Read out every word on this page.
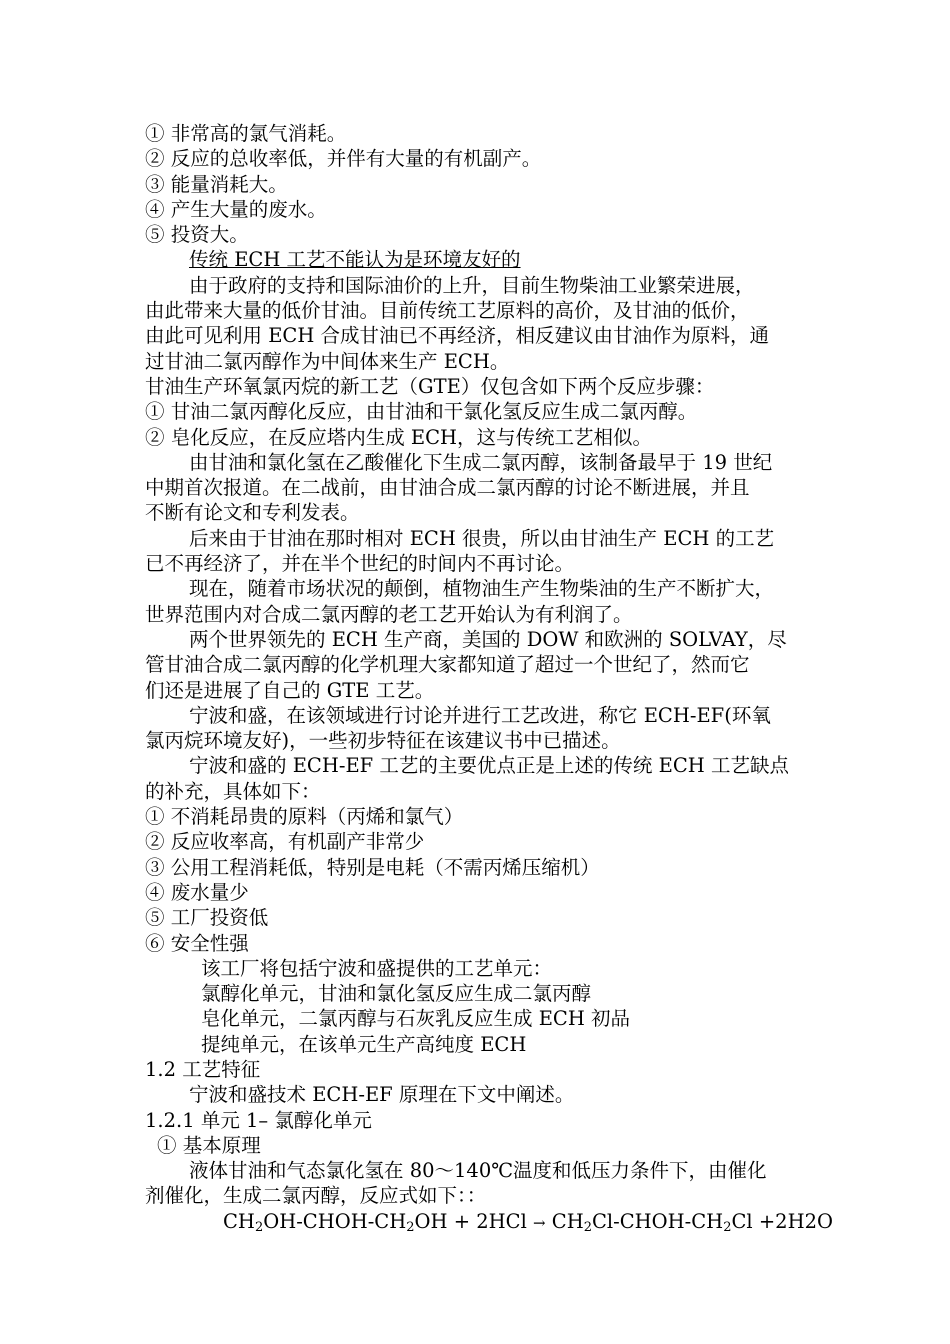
① 非常高的氯气消耗。
② 反应的总收率低，并伴有大量的有机副产。
③ 能量消耗大。
④ 产生大量的废水。
⑤ 投资大。
传统 ECH 工艺不能认为是环境友好的
由于政府的支持和国际油价的上升，目前生物柴油工业繁荣进展，
由此带来大量的低价甘油。目前传统工艺原料的高价，及甘油的低价，
由此可见利用 ECH 合成甘油已不再经济，相反建议由甘油作为原料，通
过甘油二氯丙醇作为中间体来生产 ECH。
甘油生产环氧氯丙烷的新工艺（GTE）仅包含如下两个反应步骤：
① 甘油二氯丙醇化反应，由甘油和干氯化氢反应生成二氯丙醇。
② 皂化反应，在反应塔内生成 ECH，这与传统工艺相似。
由甘油和氯化氢在乙酸催化下生成二氯丙醇，该制备最早于 19 世纪
中期首次报道。在二战前，由甘油合成二氯丙醇的讨论不断进展，并且
不断有论文和专利发表。
后来由于甘油在那时相对 ECH 很贵，所以由甘油生产 ECH 的工艺
已不再经济了，并在半个世纪的时间内不再讨论。
现在，随着市场状况的颠倒，植物油生产生物柴油的生产不断扩大，
世界范围内对合成二氯丙醇的老工艺开始认为有利润了。
两个世界领先的 ECH 生产商，美国的 DOW 和欧洲的 SOLVAY，尽
管甘油合成二氯丙醇的化学机理大家都知道了超过一个世纪了，然而它
们还是进展了自己的 GTE 工艺。
宁波和盛，在该领域进行讨论并进行工艺改进，称它 ECH-EF(环氧
氯丙烷环境友好)，一些初步特征在该建议书中已描述。
宁波和盛的 ECH-EF 工艺的主要优点正是上述的传统 ECH 工艺缺点
的补充，具体如下：
① 不消耗昂贵的原料（丙烯和氯气）
② 反应收率高，有机副产非常少
③ 公用工程消耗低，特别是电耗（不需丙烯压缩机）
④ 废水量少
⑤ 工厂投资低
⑥ 安全性强
该工厂将包括宁波和盛提供的工艺单元：
氯醇化单元，甘油和氯化氢反应生成二氯丙醇
皂化单元，二氯丙醇与石灰乳反应生成 ECH 初品
提纯单元，在该单元生产高纯度 ECH
1.2 工艺特征
宁波和盛技术 ECH-EF 原理在下文中阐述。
1.2.1 单元 1– 氯醇化单元
① 基本原理
液体甘油和气态氯化氢在 80～140℃温度和低压力条件下，由催化
剂催化，生成二氯丙醇，反应式如下：：
$CH_2OH-CHOH-CH_2OH + 2HCl$ → $CH_2Cl-CHOH-CH_2Cl +2H2O$
